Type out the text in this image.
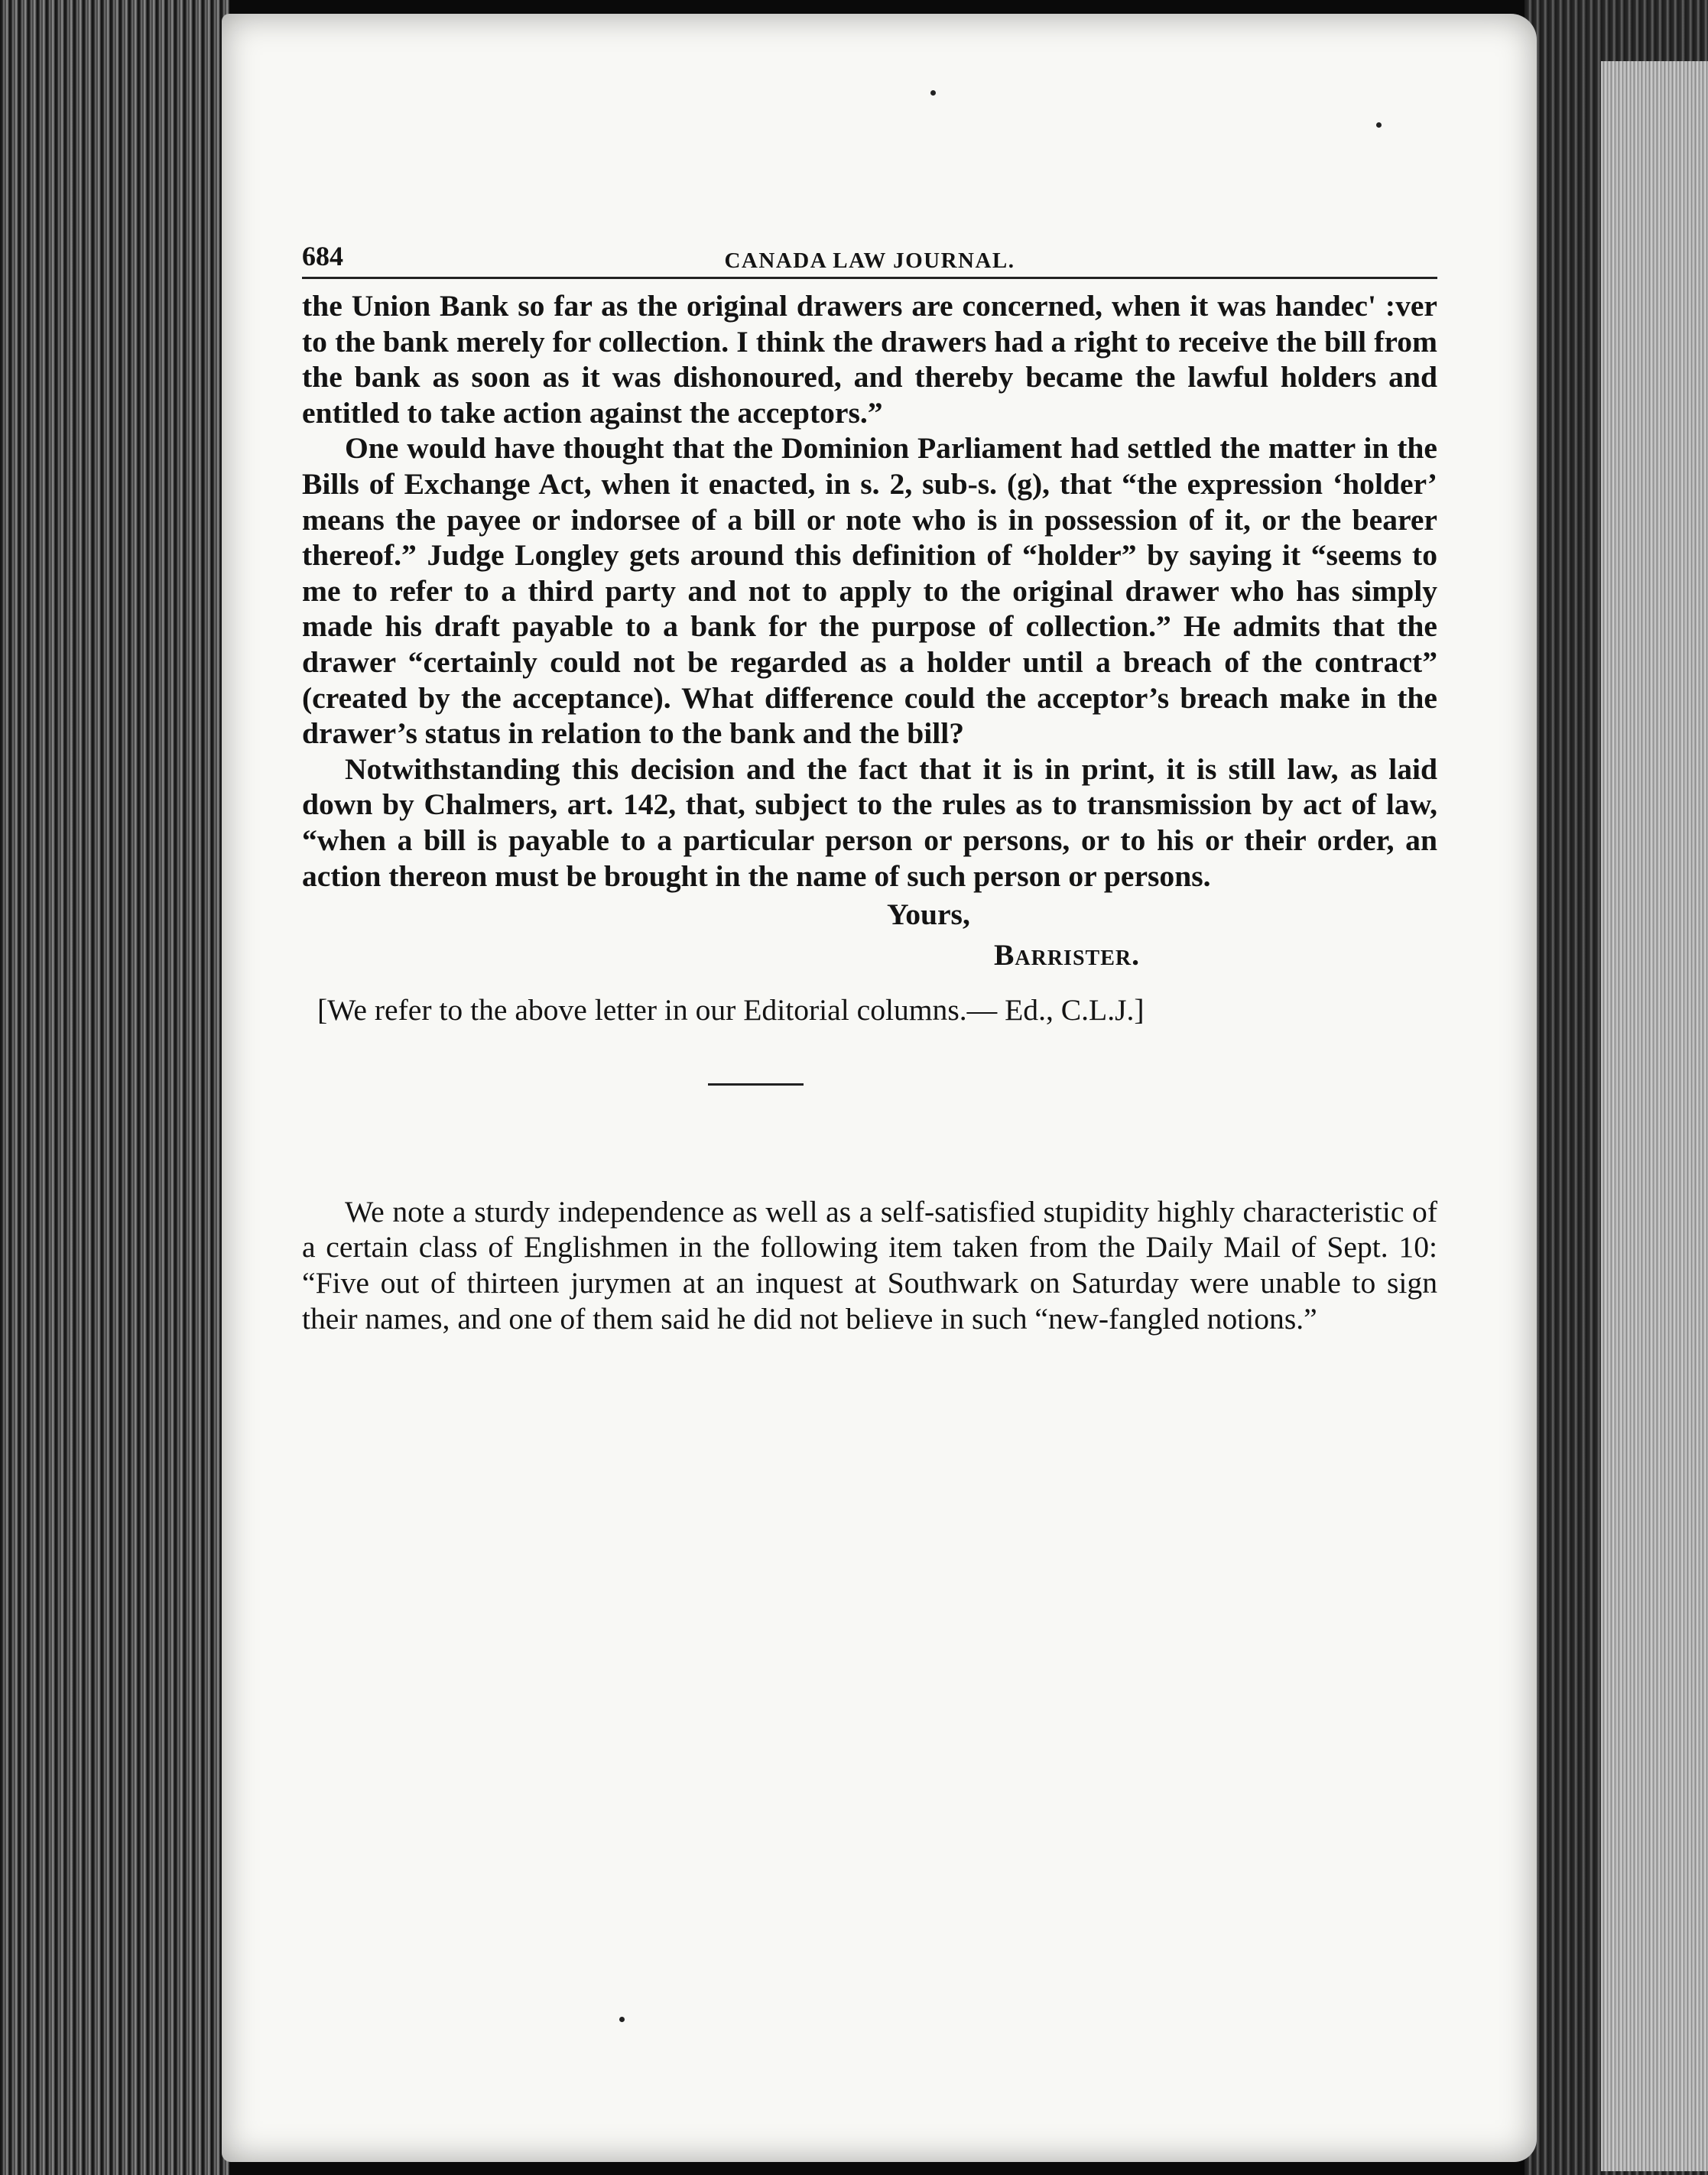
684	CANADA LAW JOURNAL.

the Union Bank so far as the original drawers are concerned, when it was handec' :ver to the bank merely for collection. I think the drawers had a right to receive the bill from the bank as soon as it was dishonoured, and thereby became the lawful holders and entitled to take action against the acceptors.”

One would have thought that the Dominion Parliament had settled the matter in the Bills of Exchange Act, when it enacted, in s. 2, sub-s. (g), that “the expression ‘holder’ means the payee or indorsee of a bill or note who is in possession of it, or the bearer thereof.” Judge Longley gets around this definition of “holder” by saying it “seems to me to refer to a third party and not to apply to the original drawer who has simply made his draft payable to a bank for the purpose of collection.” He admits that the drawer “certainly could not be regarded as a holder until a breach of the contract” (created by the acceptance). What difference could the acceptor’s breach make in the drawer’s status in relation to the bank and the bill?

Notwithstanding this decision and the fact that it is in print, it is still law, as laid down by Chalmers, art. 142, that, subject to the rules as to transmission by act of law, “when a bill is payable to a particular person or persons, or to his or their order, an action thereon must be brought in the name of such person or persons.

Yours,
Barrister.

[We refer to the above letter in our Editorial columns.— Ed., C.L.J.]

We note a sturdy independence as well as a self-satisfied stupidity highly characteristic of a certain class of Englishmen in the following item taken from the Daily Mail of Sept. 10: “Five out of thirteen jurymen at an inquest at Southwark on Saturday were unable to sign their names, and one of them said he did not believe in such “new-fangled notions.”
